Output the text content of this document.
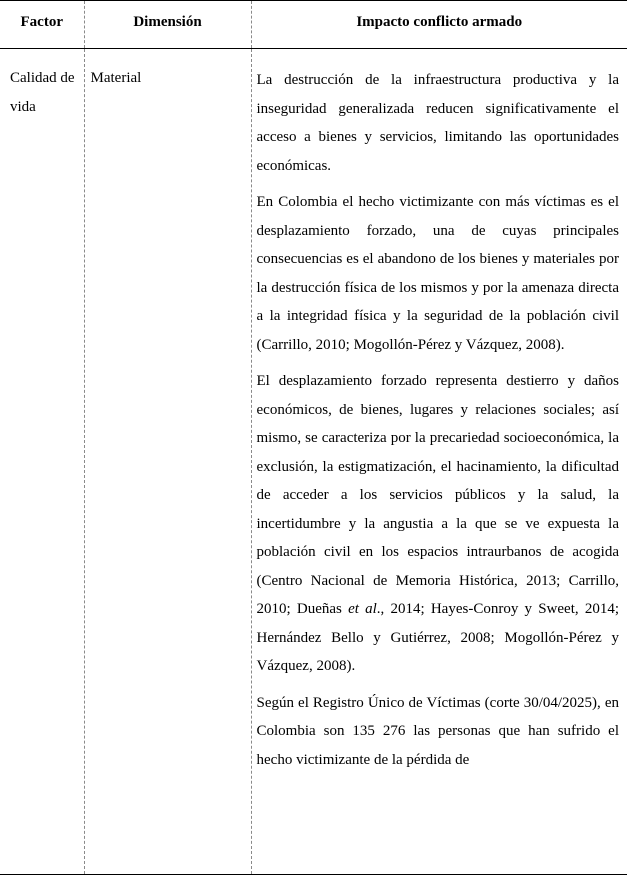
Factor	Dimensión	Impacto conflicto armado
Calidad de vida	Material	La destrucción de la infraestructura productiva y la inseguridad generalizada reducen significativamente el acceso a bienes y servicios, limitando las oportunidades económicas.

En Colombia el hecho victimizante con más víctimas es el desplazamiento forzado, una de cuyas principales consecuencias es el abandono de los bienes y materiales por la destrucción física de los mismos y por la amenaza directa a la integridad física y la seguridad de la población civil (Carrillo, 2010; Mogollón-Pérez y Vázquez, 2008).

El desplazamiento forzado representa destierro y daños económicos, de bienes, lugares y relaciones sociales; así mismo, se caracteriza por la precariedad socioeconómica, la exclusión, la estigmatización, el hacinamiento, la dificultad de acceder a los servicios públicos y la salud, la incertidumbre y la angustia a la que se ve expuesta la población civil en los espacios intraurbanos de acogida (Centro Nacional de Memoria Histórica, 2013; Carrillo, 2010; Dueñas et al., 2014; Hayes-Conroy y Sweet, 2014; Hernández Bello y Gutiérrez, 2008; Mogollón-Pérez y Vázquez, 2008).

Según el Registro Único de Víctimas (corte 30/04/2025), en Colombia son 135 276 las personas que han sufrido el hecho victimizante de la pérdida de
